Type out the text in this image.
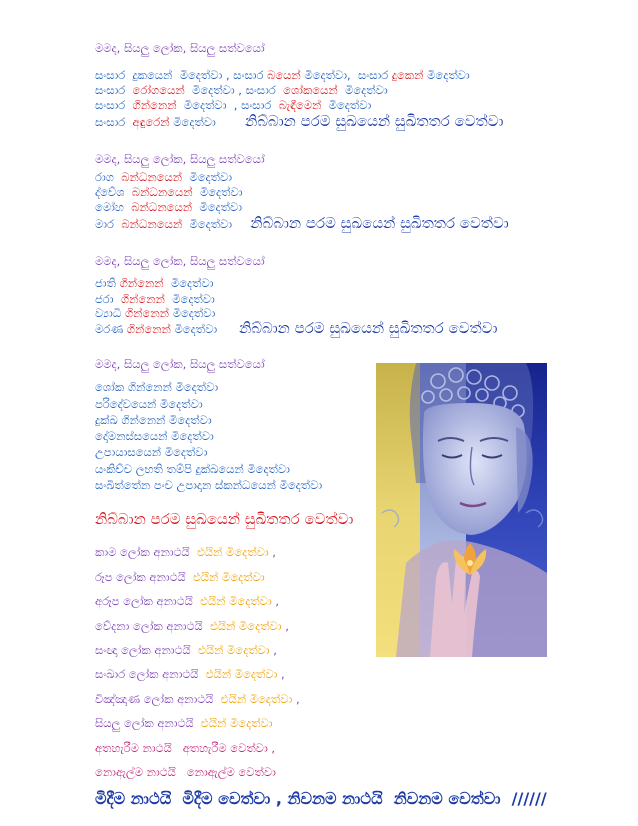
මමද, සියලු ලෝක, සියලු සත්වයෝ
සංසාර  දුකයෙන්  මිදෙත්වා , සංසාර බයෙන් මිදෙත්වා,  සංසාර දුකෙන් මිදෙත්වා
සංසාර  රෝගයෙන්  මිදෙත්වා , සංසාර  ශෝකයෙන්  මිදෙත්වා
සංසාර  ගින්නෙන්  මිදෙත්වා  , සංසාර  බැඳීමෙන්  මිදෙත්වා
සංසාර  අඳුරෙන් මිදෙත්වා        නිබ්බාන පරම සුඛයෙන් සුඛිතතර වෙත්වා
මමද, සියලු ලෝක, සියලු සත්වයෝ
රාග  බන්ධනයෙන්  මිදෙත්වා
ද්වේශ  බන්ධනයෙන්  මිදෙත්වා
මෝහ  බන්ධනයෙන්  මිදෙත්වා
මාර  බන්ධනයෙන්  මිදෙත්වා     නිබ්බාන පරම සුඛයෙන් සුඛිතතර වෙත්වා
මමද, සියලු ලෝක, සියලු සත්වයෝ
ජාති ගින්නෙන්  මිදෙත්වා
ජරා  ගින්නෙන්  මිදෙත්වා
ව්‍යාධි ගින්නෙන් මිදෙත්වා
මරණ ගින්නෙන් මිදෙත්වා      නිබ්බාන පරම සුඛයෙන් සුඛිතතර වෙත්වා
මමද, සියලු ලෝක, සියලු සත්වයෝ
ශෝක ගින්නෙන් මිදෙත්වා
පරිදේවයෙන් මිදෙත්වා
දුක්ඛ ගින්නෙන් මිදෙත්වා
දෝමනස්සයෙන් මිදෙත්වා
උපායාසයෙන් මිදෙත්වා
යංකිච්ච ලභති තම්පි දුක්ඛයෙන් මිදෙත්වා
සංඛිත්තේන පංච උපාදාන ස්කන්ධයෙන් මිදෙත්වා
නිබ්බාන පරම සුඛයෙන් සුඛිතතර වෙත්වා
කාම ලෝක අනාථයි  එයින් මිදෙත්වා ,
රූප ලෝක අනාථයි  එයින් මිදෙත්වා
අරූප ලෝක අනාථයි  එයින් මිදෙත්වා ,
වේදනා ලෝක අනාථයි  එයින් මිදෙත්වා ,
සංඥා ලෝක අනාථයි  එයින් මිදෙත්වා ,
සංඛාර ලෝක අනාථයි  එයින් මිදෙත්වා ,
විඤ්ඤාණ ලෝක අනාථයි  එයින් මිදෙත්වා ,
සියලු ලෝක අනාථයි  එයින් මිදෙත්වා
අතහැරීම නාථයි   අතහැරීම වෙත්වා ,
නොඇල්ම නාථයි   නොඇල්ම වෙත්වා
මිදීම නාථයි  මිදීම වෙත්වා , නිවනම නාථයි  නිවනම වෙත්වා  //////
